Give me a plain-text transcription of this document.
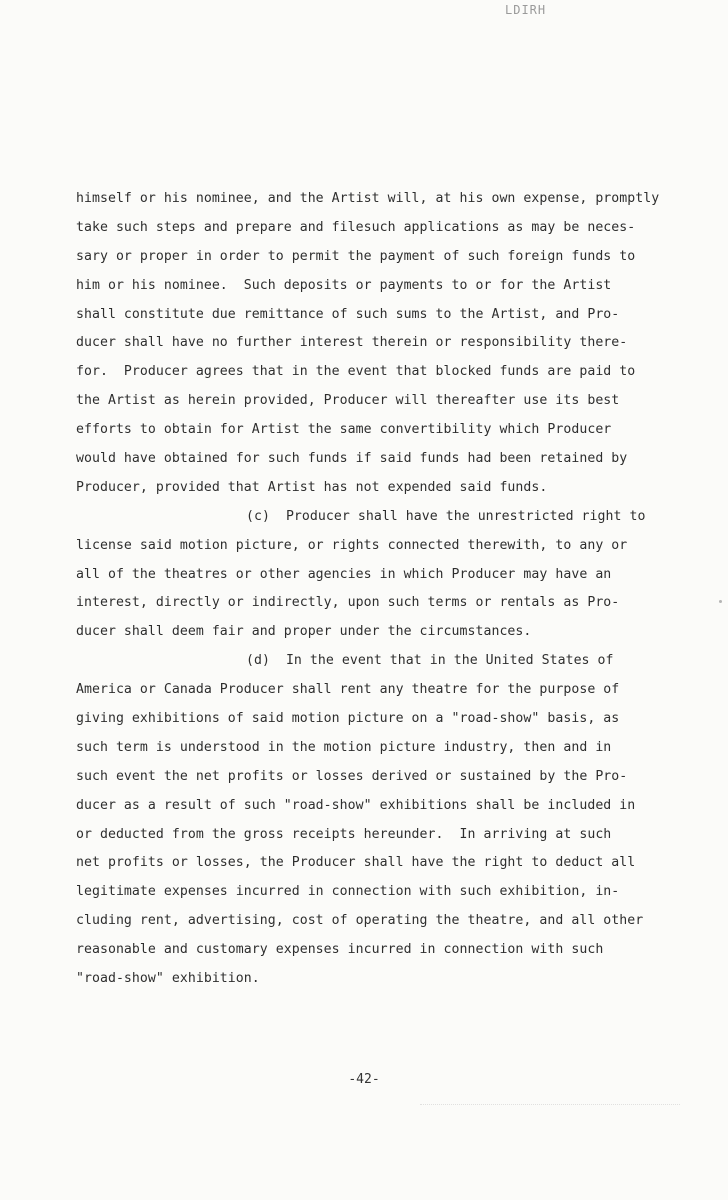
LDIRH
himself or his nominee, and the Artist will, at his own expense, promptly
take such steps and prepare and filesuch applications as may be neces-
sary or proper in order to permit the payment of such foreign funds to
him or his nominee.  Such deposits or payments to or for the Artist
shall constitute due remittance of such sums to the Artist, and Pro-
ducer shall have no further interest therein or responsibility there-
for.  Producer agrees that in the event that blocked funds are paid to
the Artist as herein provided, Producer will thereafter use its best
efforts to obtain for Artist the same convertibility which Producer
would have obtained for such funds if said funds had been retained by
Producer, provided that Artist has not expended said funds.
(c)  Producer shall have the unrestricted right to
license said motion picture, or rights connected therewith, to any or
all of the theatres or other agencies in which Producer may have an
interest, directly or indirectly, upon such terms or rentals as Pro-
ducer shall deem fair and proper under the circumstances.
(d)  In the event that in the United States of
America or Canada Producer shall rent any theatre for the purpose of
giving exhibitions of said motion picture on a "road-show" basis, as
such term is understood in the motion picture industry, then and in
such event the net profits or losses derived or sustained by the Pro-
ducer as a result of such "road-show" exhibitions shall be included in
or deducted from the gross receipts hereunder.  In arriving at such
net profits or losses, the Producer shall have the right to deduct all
legitimate expenses incurred in connection with such exhibition, in-
cluding rent, advertising, cost of operating the theatre, and all other
reasonable and customary expenses incurred in connection with such
"road-show" exhibition.
-42-
